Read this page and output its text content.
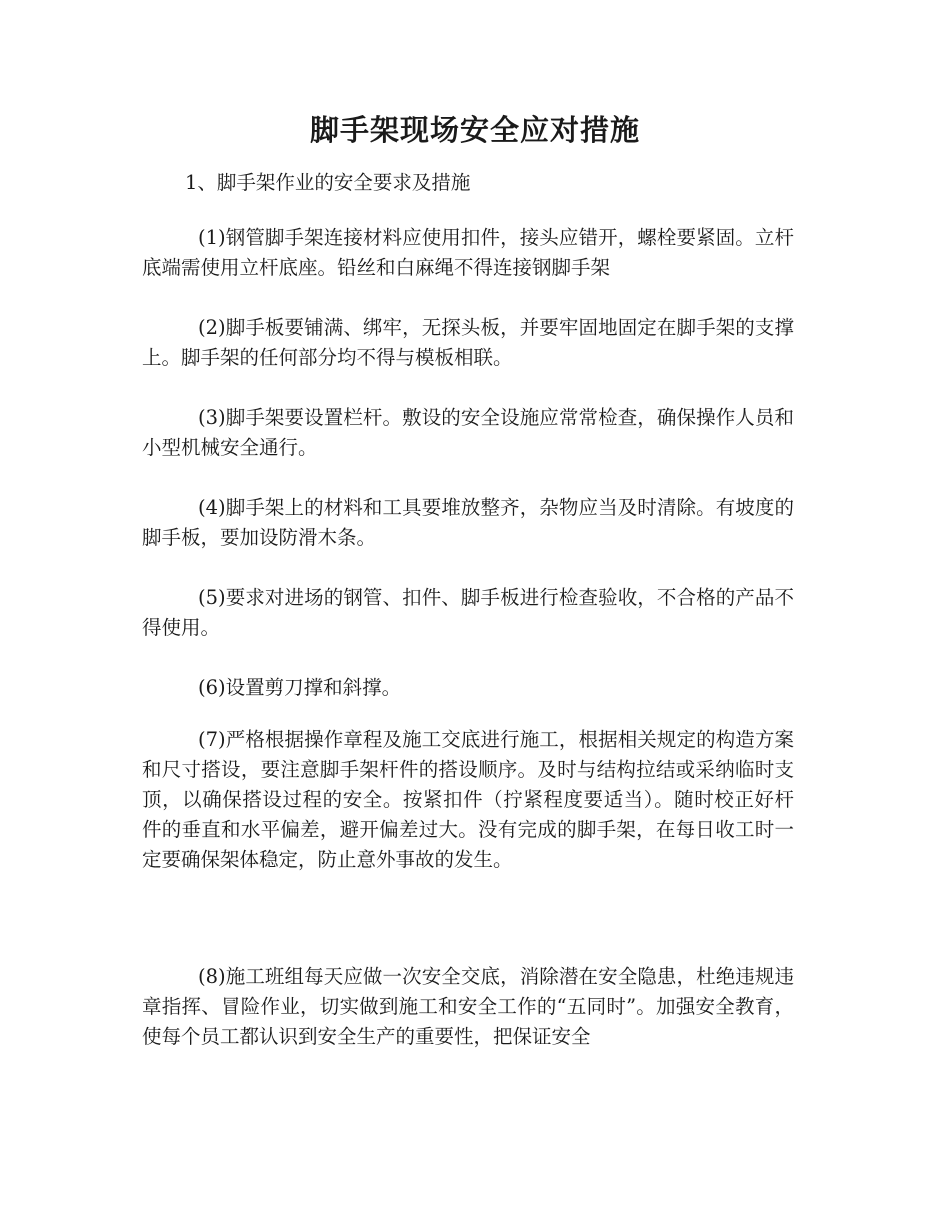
脚手架现场安全应对措施
1、脚手架作业的安全要求及措施

(1)钢管脚手架连接材料应使用扣件，接头应错开，螺栓要紧固。立杆底端需使用立杆底座。铅丝和白麻绳不得连接钢脚手架

(2)脚手板要铺满、绑牢，无探头板，并要牢固地固定在脚手架的支撑上。脚手架的任何部分均不得与模板相联。

(3)脚手架要设置栏杆。敷设的安全设施应常常检查，确保操作人员和小型机械安全通行。

(4)脚手架上的材料和工具要堆放整齐，杂物应当及时清除。有坡度的脚手板，要加设防滑木条。

(5)要求对进场的钢管、扣件、脚手板进行检查验收，不合格的产品不得使用。

(6)设置剪刀撑和斜撑。

(7)严格根据操作章程及施工交底进行施工，根据相关规定的构造方案和尺寸搭设，要注意脚手架杆件的搭设顺序。及时与结构拉结或采纳临时支顶，以确保搭设过程的安全。按紧扣件（拧紧程度要适当）。随时校正好杆件的垂直和水平偏差，避开偏差过大。没有完成的脚手架，在每日收工时一定要确保架体稳定，防止意外事故的发生。

(8)施工班组每天应做一次安全交底，消除潜在安全隐患，杜绝违规违章指挥、冒险作业，切实做到施工和安全工作的“五同时”。加强安全教育，使每个员工都认识到安全生产的重要性，把保证安全
